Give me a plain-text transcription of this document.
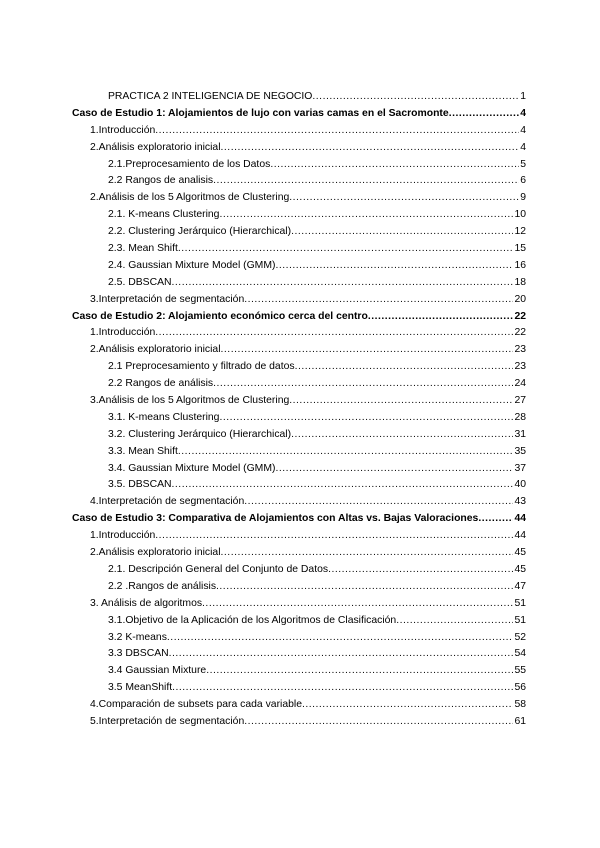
PRACTICA 2 INTELIGENCIA DE NEGOCIO .....	1
Caso de Estudio 1: Alojamientos de lujo con varias camas en el Sacromonte .....	4
1.Introducción .....	4
2.Análisis exploratorio inicial .....	4
2.1.Preprocesamiento de los Datos .....	5
2.2 Rangos de analisis .....	6
2.Análisis de los 5 Algoritmos de Clustering .....	9
2.1. K-means Clustering .....	10
2.2. Clustering Jerárquico (Hierarchical) .....	12
2.3. Mean Shift .....	15
2.4. Gaussian Mixture Model (GMM) .....	16
2.5. DBSCAN .....	18
3.Interpretación de segmentación .....	20
Caso de Estudio 2: Alojamiento económico cerca del centro .....	22
1.Introducción .....	22
2.Análisis exploratorio inicial .....	23
2.1 Preprocesamiento y filtrado de datos .....	23
2.2 Rangos de análisis .....	24
3.Análisis de los 5 Algoritmos de Clustering .....	27
3.1. K-means Clustering .....	28
3.2. Clustering Jerárquico (Hierarchical) .....	31
3.3. Mean Shift .....	35
3.4. Gaussian Mixture Model (GMM) .....	37
3.5. DBSCAN .....	40
4.Interpretación de segmentación .....	43
Caso de Estudio 3: Comparativa de Alojamientos con Altas vs. Bajas Valoraciones .....	44
1.Introducción .....	44
2.Análisis exploratorio inicial .....	45
2.1. Descripción General del Conjunto de Datos .....	45
2.2 .Rangos de análisis .....	47
3. Análisis de algoritmos .....	51
3.1.Objetivo de la Aplicación de los Algoritmos de Clasificación .....	51
3.2 K-means .....	52
3.3 DBSCAN .....	54
3.4 Gaussian Mixture .....	55
3.5 MeanShift .....	56
4.Comparación de subsets para cada variable .....	58
5.Interpretación de segmentación .....	61
